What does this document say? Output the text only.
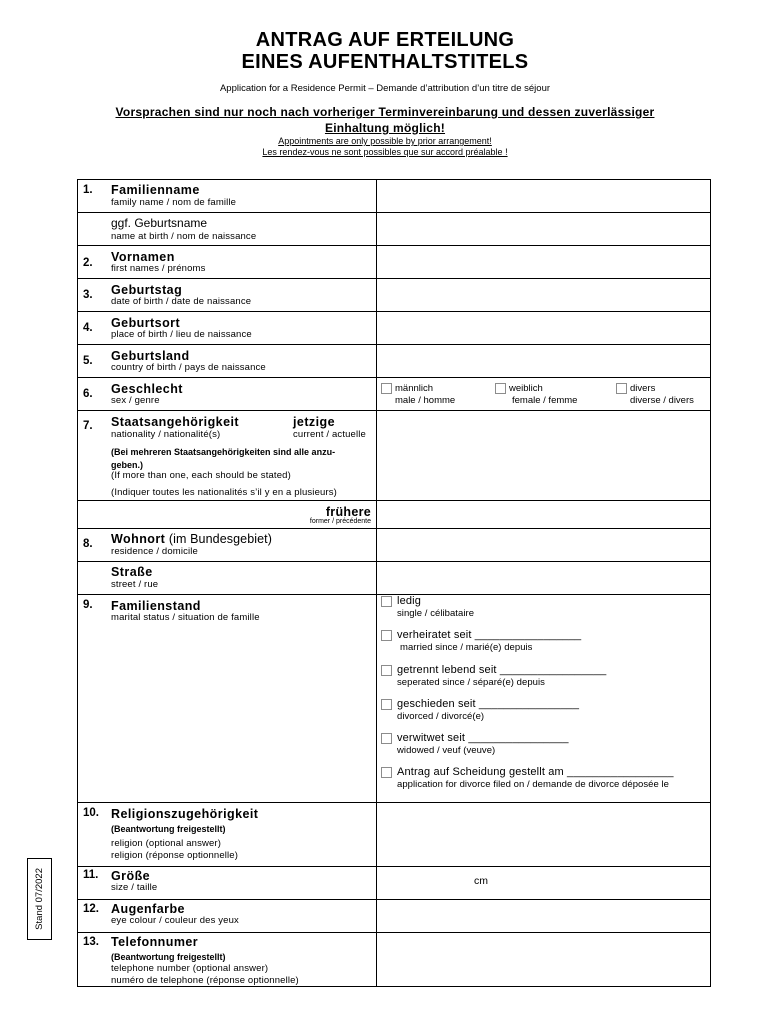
ANTRAG AUF ERTEILUNG
EINES AUFENTHALTSTITELS
Application for a Residence Permit – Demande d’attribution d’un titre de séjour
Vorsprachen sind nur noch nach vorheriger Terminvereinbarung und dessen zuverlässiger
Einhaltung möglich!
Appointments are only possible by prior arrangement!
Les rendez-vous ne sont possibles que sur accord préalable !
Stand 07/2022
1. Familienname
family name / nom de famille
ggf. Geburtsname
name at birth / nom de naissance
2. Vornamen
first names / prénoms
3. Geburtstag
date of birth / date de naissance
4. Geburtsort
place of birth / lieu de naissance
5. Geburtsland
country of birth / pays de naissance
6. Geschlecht
sex / genre
männlich
male / homme
weiblich
female / femme
divers
diverse / divers
7. Staatsangehörigkeit	jetzige
nationality / nationalité(s)	current / actuelle
(Bei mehreren Staatsangehörigkeiten sind alle anzu-
geben.)
(If more than one, each should be stated)
(Indiquer toutes les nationalités s’il y en a plusieurs)
frühere
former / précédente
8. Wohnort (im Bundesgebiet)
residence / domicile
Straße
street / rue
9. Familienstand
marital status / situation de famille
ledig
single / célibataire
verheiratet seit _________________
married since / marié(e) depuis
getrennt lebend seit _________________
seperated since / séparé(e) depuis
geschieden seit ________________
divorced / divorcé(e)
verwitwet seit ________________
widowed / veuf (veuve)
Antrag auf Scheidung gestellt am _________________
application for divorce filed on / demande de divorce déposée le
10. Religionszugehörigkeit
(Beantwortung freigestellt)
religion (optional answer)
religion (réponse optionnelle)
11. Größe
size / taille
cm
12. Augenfarbe
eye colour / couleur des yeux
13. Telefonnumer
(Beantwortung freigestellt)
telephone number (optional answer)
numéro de telephone (réponse optionnelle)
